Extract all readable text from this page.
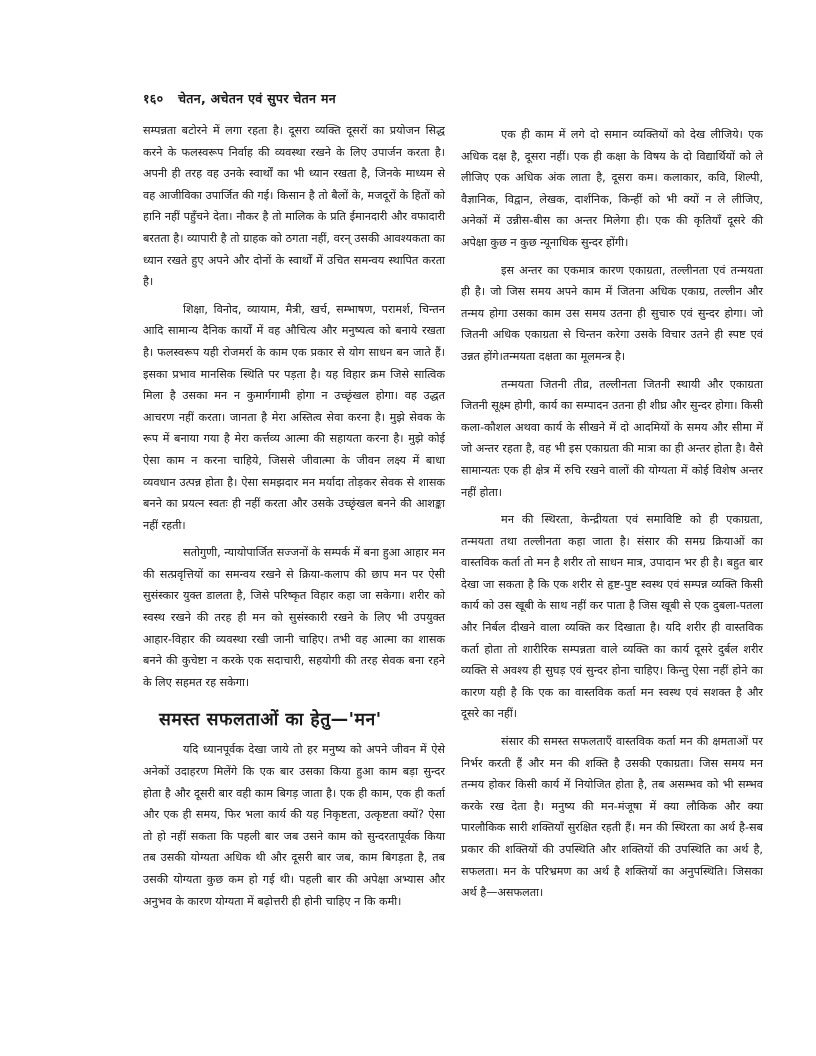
१६० चेतन, अचेतन एवं सुपर चेतन मन

सम्पन्नता बटोरने में लगा रहता है। दूसरा व्यक्ति दूसरों का प्रयोजन सिद्ध करने के फलस्वरूप निर्वाह की व्यवस्था रखने के लिए उपार्जन करता है। अपनी ही तरह वह उनके स्वार्थों का भी ध्यान रखता है, जिनके माध्यम से वह आजीविका उपार्जित की गई। किसान है तो बैलों के, मजदूरों के हितों को हानि नहीं पहुँचने देता। नौकर है तो मालिक के प्रति ईमानदारी और वफादारी बरतता है। व्यापारी है तो ग्राहक को ठगता नहीं, वरन् उसकी आवश्यकता का ध्यान रखते हुए अपने और दोनों के स्वार्थों में उचित समन्वय स्थापित करता है।

शिक्षा, विनोद, व्यायाम, मैत्री, खर्च, सम्भाषण, परामर्श, चिन्तन आदि सामान्य दैनिक कार्यों में वह औचित्य और मनुष्यत्व को बनाये रखता है। फलस्वरूप यही रोजमर्रा के काम एक प्रकार से योग साधन बन जाते हैं। इसका प्रभाव मानसिक स्थिति पर पड़ता है। यह विहार क्रम जिसे सात्विक मिला है उसका मन न कुमार्गगामी होगा न उच्छृंखल होगा। वह उद्धत आचरण नहीं करता। जानता है मेरा अस्तित्व सेवा करना है। मुझे सेवक के रूप में बनाया गया है मेरा कर्त्तव्य आत्मा की सहायता करना है। मुझे कोई ऐसा काम न करना चाहिये, जिससे जीवात्मा के जीवन लक्ष्य में बाधा व्यवधान उत्पन्न होता है। ऐसा समझदार मन मर्यादा तोड़कर सेवक से शासक बनने का प्रयत्न स्वतः ही नहीं करता और उसके उच्छृंखल बनने की आशङ्का नहीं रहती।

सतोगुणी, न्यायोपार्जित सज्जनों के सम्पर्क में बना हुआ आहार मन की सत्प्रवृत्तियों का समन्वय रखने से क्रिया-कलाप की छाप मन पर ऐसी सुसंस्कार युक्त डालता है, जिसे परिष्कृत विहार कहा जा सकेगा। शरीर को स्वस्थ रखने की तरह ही मन को सुसंस्कारी रखने के लिए भी उपयुक्त आहार-विहार की व्यवस्था रखी जानी चाहिए। तभी वह आत्मा का शासक बनने की कुचेष्टा न करके एक सदाचारी, सहयोगी की तरह सेवक बना रहने के लिए सहमत रह सकेगा।

समस्त सफलताओं का हेतु—'मन'

यदि ध्यानपूर्वक देखा जाये तो हर मनुष्य को अपने जीवन में ऐसे अनेकों उदाहरण मिलेंगे कि एक बार उसका किया हुआ काम बड़ा सुन्दर होता है और दूसरी बार वही काम बिगड़ जाता है। एक ही काम, एक ही कर्ता और एक ही समय, फिर भला कार्य की यह निकृष्टता, उत्कृष्टता क्यों? ऐसा तो हो नहीं सकता कि पहली बार जब उसने काम को सुन्दरतापूर्वक किया तब उसकी योग्यता अधिक थी और दूसरी बार जब, काम बिगड़ता है, तब उसकी योग्यता कुछ कम हो गई थी। पहली बार की अपेक्षा अभ्यास और अनुभव के कारण योग्यता में बढ़ोत्तरी ही होनी चाहिए न कि कमी।

एक ही काम में लगे दो समान व्यक्तियों को देख लीजिये। एक अधिक दक्ष है, दूसरा नहीं। एक ही कक्षा के विषय के दो विद्यार्थियों को ले लीजिए एक अधिक अंक लाता है, दूसरा कम। कलाकार, कवि, शिल्पी, वैज्ञानिक, विद्वान, लेखक, दार्शनिक, किन्हीं को भी क्यों न ले लीजिए, अनेकों में उन्नीस-बीस का अन्तर मिलेगा ही। एक की कृतियाँ दूसरे की अपेक्षा कुछ न कुछ न्यूनाधिक सुन्दर होंगी।

इस अन्तर का एकमात्र कारण एकाग्रता, तल्लीनता एवं तन्मयता ही है। जो जिस समय अपने काम में जितना अधिक एकाग्र, तल्लीन और तन्मय होगा उसका काम उस समय उतना ही सुचारु एवं सुन्दर होगा। जो जितनी अधिक एकाग्रता से चिन्तन करेगा उसके विचार उतने ही स्पष्ट एवं उन्नत होंगे।तन्मयता दक्षता का मूलमन्त्र है।

तन्मयता जितनी तीव्र, तल्लीनता जितनी स्थायी और एकाग्रता जितनी सूक्ष्म होगी, कार्य का सम्पादन उतना ही शीघ्र और सुन्दर होगा। किसी कला-कौशल अथवा कार्य के सीखने में दो आदमियों के समय और सीमा में जो अन्तर रहता है, वह भी इस एकाग्रता की मात्रा का ही अन्तर होता है। वैसे सामान्यतः एक ही क्षेत्र में रुचि रखने वालों की योग्यता में कोई विशेष अन्तर नहीं होता।

मन की स्थिरता, केन्द्रीयता एवं समाविष्टि को ही एकाग्रता, तन्मयता तथा तल्लीनता कहा जाता है। संसार की समग्र क्रियाओं का वास्तविक कर्ता तो मन है शरीर तो साधन मात्र, उपादान भर ही है। बहुत बार देखा जा सकता है कि एक शरीर से हृष्ट-पुष्ट स्वस्थ एवं सम्पन्न व्यक्ति किसी कार्य को उस खूबी के साथ नहीं कर पाता है जिस खूबी से एक दुबला-पतला और निर्बल दीखने वाला व्यक्ति कर दिखाता है। यदि शरीर ही वास्तविक कर्ता होता तो शारीरिक सम्पन्नता वाले व्यक्ति का कार्य दूसरे दुर्बल शरीर व्यक्ति से अवश्य ही सुघड़ एवं सुन्दर होना चाहिए। किन्तु ऐसा नहीं होने का कारण यही है कि एक का वास्तविक कर्ता मन स्वस्थ एवं सशक्त है और दूसरे का नहीं।

संसार की समस्त सफलताएँ वास्तविक कर्ता मन की क्षमताओं पर निर्भर करती हैं और मन की शक्ति है उसकी एकाग्रता। जिस समय मन तन्मय होकर किसी कार्य में नियोजित होता है, तब असम्भव को भी सम्भव करके रख देता है। मनुष्य की मन-मंजूषा में क्या लौकिक और क्या पारलौकिक सारी शक्तियाँ सुरक्षित रहती हैं। मन की स्थिरता का अर्थ है-सब प्रकार की शक्तियों की उपस्थिति और शक्तियों की उपस्थिति का अर्थ है, सफलता। मन के परिभ्रमण का अर्थ है शक्तियों का अनुपस्थिति। जिसका अर्थ है—असफलता।
